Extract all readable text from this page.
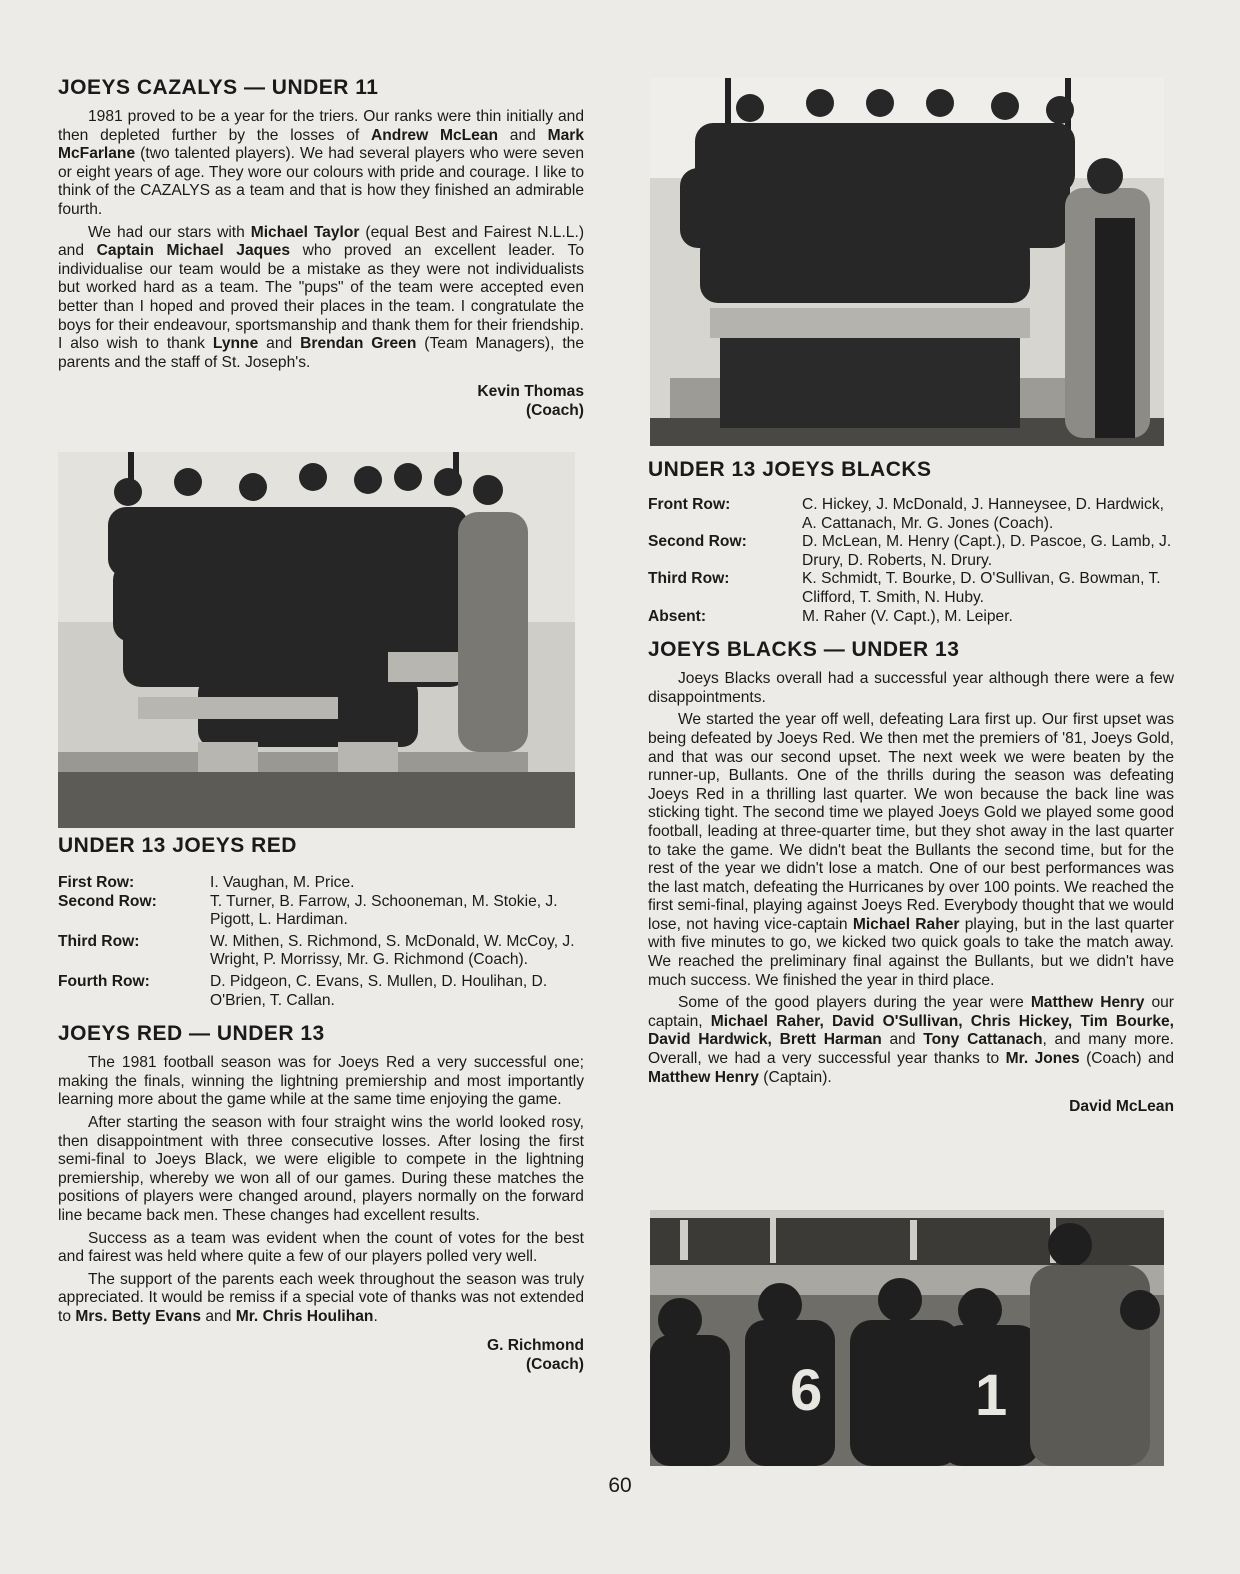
JOEYS CAZALYS — UNDER 11

1981 proved to be a year for the triers. Our ranks were thin initially and then depleted further by the losses of Andrew McLean and Mark McFarlane (two talented players). We had several players who were seven or eight years of age. They wore our colours with pride and courage. I like to think of the CAZALYS as a team and that is how they finished an admirable fourth.

We had our stars with Michael Taylor (equal Best and Fairest N.L.L.) and Captain Michael Jaques who proved an excellent leader. To individualise our team would be a mistake as they were not individualists but worked hard as a team. The "pups" of the team were accepted even better than I hoped and proved their places in the team. I congratulate the boys for their endeavour, sportsmanship and thank them for their friendship. I also wish to thank Lynne and Brendan Green (Team Managers), the parents and the staff of St. Joseph's.

Kevin Thomas
(Coach)
UNDER 13 JOEYS RED
First Row:	I. Vaughan, M. Price.
Second Row:	T. Turner, B. Farrow, J. Schooneman, M. Stokie, J. Pigott, L. Hardiman.
Third Row:	W. Mithen, S. Richmond, S. McDonald, W. McCoy, J. Wright, P. Morrissy, Mr. G. Richmond (Coach).
Fourth Row:	D. Pidgeon, C. Evans, S. Mullen, D. Houlihan, D. O'Brien, T. Callan.
JOEYS RED — UNDER 13

The 1981 football season was for Joeys Red a very successful one; making the finals, winning the lightning premiership and most importantly learning more about the game while at the same time enjoying the game.

After starting the season with four straight wins the world looked rosy, then disappointment with three consecutive losses. After losing the first semi-final to Joeys Black, we were eligible to compete in the lightning premiership, whereby we won all of our games. During these matches the positions of players were changed around, players normally on the forward line became back men. These changes had excellent results.

Success as a team was evident when the count of votes for the best and fairest was held where quite a few of our players polled very well.

The support of the parents each week throughout the season was truly appreciated. It would be remiss if a special vote of thanks was not extended to Mrs. Betty Evans and Mr. Chris Houlihan.

G. Richmond
(Coach)
UNDER 13 JOEYS BLACKS
Front Row:	C. Hickey, J. McDonald, J. Hanneysee, D. Hardwick, A. Cattanach, Mr. G. Jones (Coach).
Second Row:	D. McLean, M. Henry (Capt.), D. Pascoe, G. Lamb, J. Drury, D. Roberts, N. Drury.
Third Row:	K. Schmidt, T. Bourke, D. O'Sullivan, G. Bowman, T. Clifford, T. Smith, N. Huby.
Absent:	M. Raher (V. Capt.), M. Leiper.
JOEYS BLACKS — UNDER 13

Joeys Blacks overall had a successful year although there were a few disappointments.

We started the year off well, defeating Lara first up. Our first upset was being defeated by Joeys Red. We then met the premiers of '81, Joeys Gold, and that was our second upset. The next week we were beaten by the runner-up, Bullants. One of the thrills during the season was defeating Joeys Red in a thrilling last quarter. We won because the back line was sticking tight. The second time we played Joeys Gold we played some good football, leading at three-quarter time, but they shot away in the last quarter to take the game. We didn't beat the Bullants the second time, but for the rest of the year we didn't lose a match. One of our best performances was the last match, defeating the Hurricanes by over 100 points. We reached the first semi-final, playing against Joeys Red. Everybody thought that we would lose, not having vice-captain Michael Raher playing, but in the last quarter with five minutes to go, we kicked two quick goals to take the match away. We reached the preliminary final against the Bullants, but we didn't have much success. We finished the year in third place.

Some of the good players during the year were Matthew Henry our captain, Michael Raher, David O'Sullivan, Chris Hickey, Tim Bourke, David Hardwick, Brett Harman and Tony Cattanach, and many more. Overall, we had a very successful year thanks to Mr. Jones (Coach) and Matthew Henry (Captain).

David McLean
6	1
60
